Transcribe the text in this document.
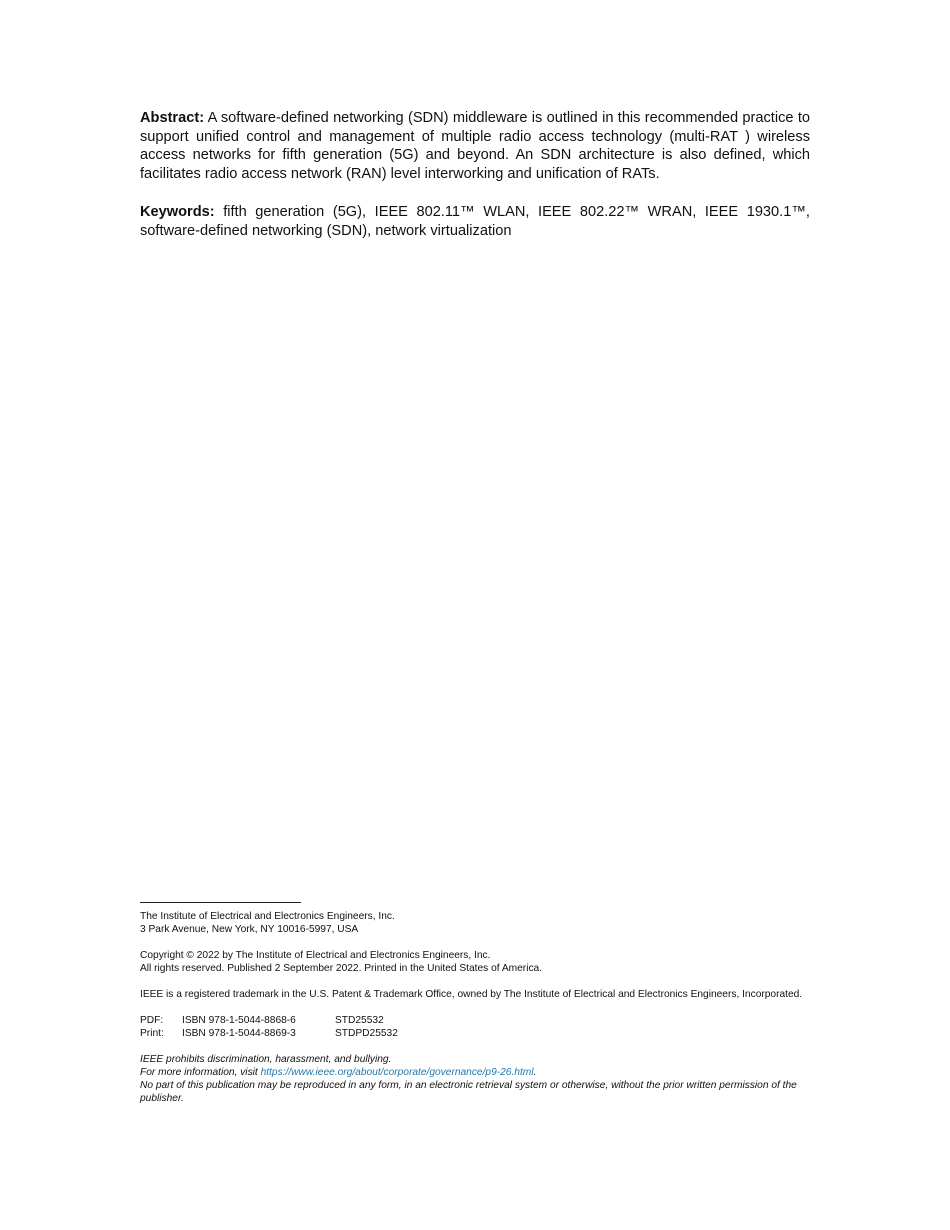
Abstract: A software-defined networking (SDN) middleware is outlined in this recommended practice to support unified control and management of multiple radio access technology (multi-RAT ) wireless access networks for fifth generation (5G) and beyond. An SDN architecture is also defined, which facilitates radio access network (RAN) level interworking and unification of RATs.

Keywords: fifth generation (5G), IEEE 802.11™ WLAN, IEEE 802.22™ WRAN, IEEE 1930.1™, software-defined networking (SDN), network virtualization

The Institute of Electrical and Electronics Engineers, Inc.

3 Park Avenue, New York, NY 10016-5997, USA

Copyright © 2022 by The Institute of Electrical and Electronics Engineers, Inc.

All rights reserved. Published 2 September 2022. Printed in the United States of America.

IEEE is a registered trademark in the U.S. Patent & Trademark Office, owned by The Institute of Electrical and Electronics Engineers, Incorporated.

PDF:	ISBN 978-1-5044-8868-6	STD25532
Print:	ISBN 978-1-5044-8869-3	STDPD25532

IEEE prohibits discrimination, harassment, and bullying.

For more information, visit https://www.ieee.org/about/corporate/governance/p9-26.html.

No part of this publication may be reproduced in any form, in an electronic retrieval system or otherwise, without the prior written permission of the publisher.
